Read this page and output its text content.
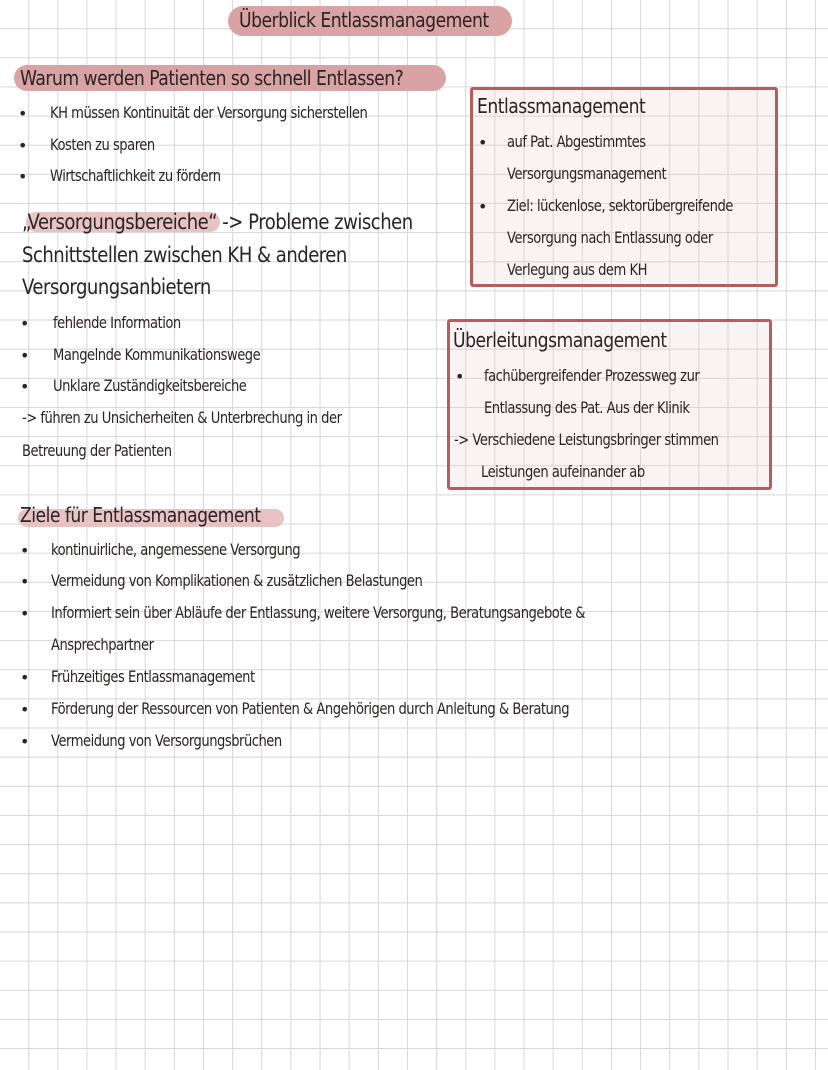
Überblick Entlassmanagement
Warum werden Patienten so schnell Entlassen?
• KH müssen Kontinuität der Versorgung sicherstellen
• Kosten zu sparen
• Wirtschaftlichkeit zu fördern
„Versorgungsbereiche“ -> Probleme zwischen
Schnittstellen zwischen KH & anderen
Versorgungsanbietern
• fehlende Information
• Mangelnde Kommunikationswege
• Unklare Zuständigkeitsbereiche
-> führen zu Unsicherheiten & Unterbrechung in der
Betreuung der Patienten
Entlassmanagement
• auf Pat. Abgestimmtes
Versorgungsmanagement
• Ziel: lückenlose, sektorübergreifende
Versorgung nach Entlassung oder
Verlegung aus dem KH
Überleitungsmanagement
• fachübergreifender Prozessweg zur
Entlassung des Pat. Aus der Klinik
-> Verschiedene Leistungsbringer stimmen
Leistungen aufeinander ab
Ziele für Entlassmanagement
• kontinuirliche, angemessene Versorgung
• Vermeidung von Komplikationen & zusätzlichen Belastungen
• Informiert sein über Abläufe der Entlassung, weitere Versorgung, Beratungsangebote &
Ansprechpartner
• Frühzeitiges Entlassmanagement
• Förderung der Ressourcen von Patienten & Angehörigen durch Anleitung & Beratung
• Vermeidung von Versorgungsbrüchen
